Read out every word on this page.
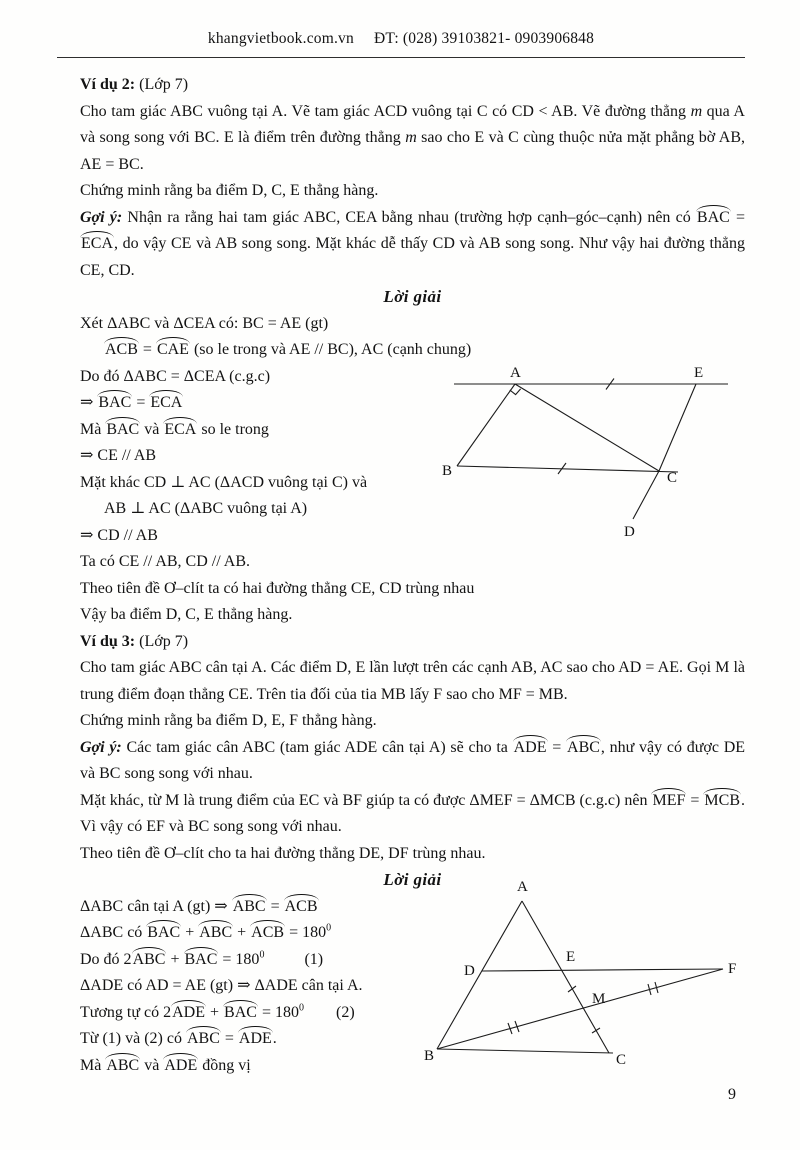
khangvietbook.com.vn ĐT: (028) 39103821- 0903906848
Ví dụ 2: (Lớp 7)
Cho tam giác ABC vuông tại A. Vẽ tam giác ACD vuông tại C có CD < AB. Vẽ đường thẳng m qua A và song song với BC. E là điểm trên đường thẳng m sao cho E và C cùng thuộc nửa mặt phẳng bờ AB, AE = BC.
Chứng minh rằng ba điểm D, C, E thẳng hàng.
Gợi ý: Nhận ra rằng hai tam giác ABC, CEA bằng nhau (trường hợp cạnh–góc–cạnh) nên có BAC = ECA, do vậy CE và AB song song. Mặt khác dễ thấy CD và AB song song. Như vậy hai đường thẳng CE, CD.
Lời giải
Xét ΔABC và ΔCEA có: BC = AE (gt)
ACB = CAE (so le trong và AE // BC), AC (cạnh chung)
Do đó ΔABC = ΔCEA (c.g.c)
⇒ BAC = ECA
Mà BAC và ECA so le trong
⇒ CE // AB
Mặt khác CD ⊥ AC (ΔACD vuông tại C) và
AB ⊥ AC (ΔABC vuông tại A)
⇒ CD // AB
Ta có CE // AB, CD // AB.
Theo tiên đề Ơ–clít ta có hai đường thẳng CE, CD trùng nhau
Vậy ba điểm D, C, E thẳng hàng.
Ví dụ 3: (Lớp 7)
Cho tam giác ABC cân tại A. Các điểm D, E lần lượt trên các cạnh AB, AC sao cho AD = AE. Gọi M là trung điểm đoạn thẳng CE. Trên tia đối của tia MB lấy F sao cho MF = MB.
Chứng minh rằng ba điểm D, E, F thẳng hàng.
Gợi ý: Các tam giác cân ABC (tam giác ADE cân tại A) sẽ cho ta ADE = ABC, như vậy có được DE và BC song song với nhau.
Mặt khác, từ M là trung điểm của EC và BF giúp ta có được ΔMEF = ΔMCB (c.g.c) nên MEF = MCB. Vì vậy có EF và BC song song với nhau.
Theo tiên đề Ơ–clít cho ta hai đường thẳng DE, DF trùng nhau.
Lời giải
ΔABC cân tại A (gt) ⇒ ABC = ACB
ΔABC có BAC + ABC + ACB = $180^0$
Do đó 2ABC + BAC = $180^0$          (1)
ΔADE có AD = AE (gt) ⇒ ΔADE cân tại A.
Tương tự có 2ADE + BAC = $180^0$        (2)
Từ (1) và (2) có ABC = ADE.
Mà ABC và ADE đồng vị
A	E
B	C
D
A
B	C
D
E
F
M
9
